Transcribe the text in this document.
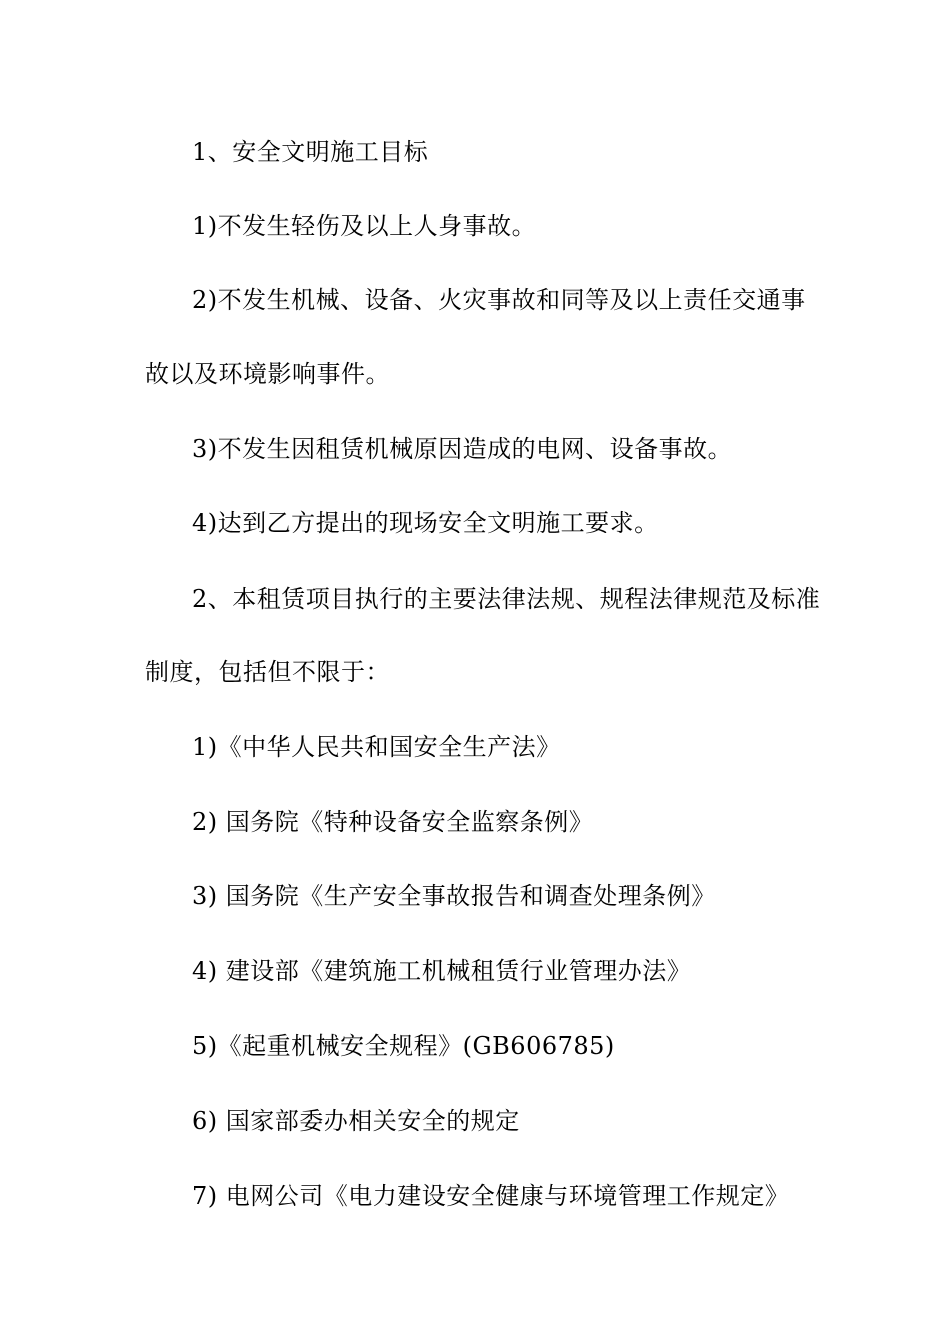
1、安全文明施工目标
1)不发生轻伤及以上人身事故。
2)不发生机械、设备、火灾事故和同等及以上责任交通事
故以及环境影响事件。
3)不发生因租赁机械原因造成的电网、设备事故。
4)达到乙方提出的现场安全文明施工要求。
2、本租赁项目执行的主要法律法规、规程法律规范及标准
制度，包括但不限于：
1)《中华人民共和国安全生产法》
2) 国务院《特种设备安全监察条例》
3) 国务院《生产安全事故报告和调查处理条例》
4) 建设部《建筑施工机械租赁行业管理办法》
5)《起重机械安全规程》(GB606785)
6) 国家部委办相关安全的规定
7) 电网公司《电力建设安全健康与环境管理工作规定》
